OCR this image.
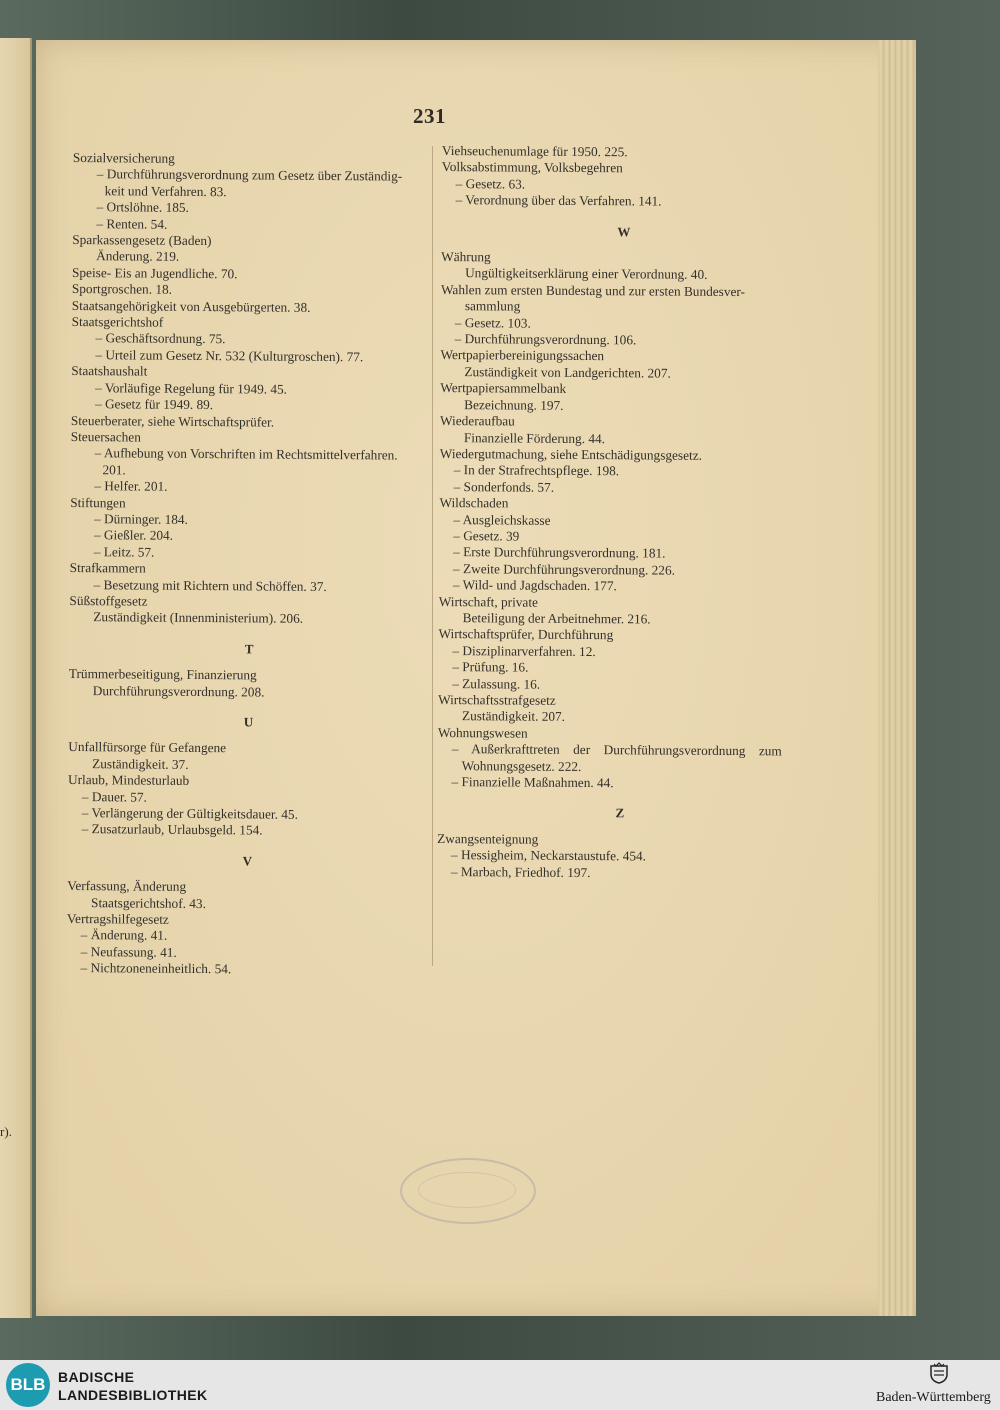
r).
231
Sozialversicherung
– Durchführungsverordnung zum Gesetz über Zuständig-
keit und Verfahren. 83.
– Ortslöhne. 185.
– Renten. 54.
Sparkassengesetz (Baden)
Änderung. 219.
Speise- Eis an Jugendliche. 70.
Sportgroschen. 18.
Staatsangehörigkeit von Ausgebürgerten. 38.
Staatsgerichtshof
– Geschäftsordnung. 75.
– Urteil zum Gesetz Nr. 532 (Kulturgroschen). 77.
Staatshaushalt
– Vorläufige Regelung für 1949. 45.
– Gesetz für 1949. 89.
Steuerberater, siehe Wirtschaftsprüfer.
Steuersachen
– Aufhebung von Vorschriften im Rechtsmittelverfahren.
201.
– Helfer. 201.
Stiftungen
– Dürninger. 184.
– Gießler. 204.
– Leitz. 57.
Strafkammern
– Besetzung mit Richtern und Schöffen. 37.
Süßstoffgesetz
Zuständigkeit (Innenministerium). 206.
T
Trümmerbeseitigung, Finanzierung
Durchführungsverordnung. 208.
U
Unfallfürsorge für Gefangene
Zuständigkeit. 37.
Urlaub, Mindesturlaub
– Dauer. 57.
– Verlängerung der Gültigkeitsdauer. 45.
– Zusatzurlaub, Urlaubsgeld. 154.
V
Verfassung, Änderung
Staatsgerichtshof. 43.
Vertragshilfegesetz
– Änderung. 41.
– Neufassung. 41.
– Nichtzoneneinheitlich. 54.
Viehseuchenumlage für 1950. 225.
Volksabstimmung, Volksbegehren
– Gesetz. 63.
– Verordnung über das Verfahren. 141.
W
Währung
Ungültigkeitserklärung einer Verordnung. 40.
Wahlen zum ersten Bundestag und zur ersten Bundesver-
sammlung
– Gesetz. 103.
– Durchführungsverordnung. 106.
Wertpapierbereinigungssachen
Zuständigkeit von Landgerichten. 207.
Wertpapiersammelbank
Bezeichnung. 197.
Wiederaufbau
Finanzielle Förderung. 44.
Wiedergutmachung, siehe Entschädigungsgesetz.
– In der Strafrechtspflege. 198.
– Sonderfonds. 57.
Wildschaden
– Ausgleichskasse
– Gesetz. 39
– Erste Durchführungsverordnung. 181.
– Zweite Durchführungsverordnung. 226.
– Wild- und Jagdschaden. 177.
Wirtschaft, private
Beteiligung der Arbeitnehmer. 216.
Wirtschaftsprüfer, Durchführung
– Disziplinarverfahren. 12.
– Prüfung. 16.
– Zulassung. 16.
Wirtschaftsstrafgesetz
Zuständigkeit. 207.
Wohnungswesen
– Außerkrafttreten der Durchführungsverordnung zum
Wohnungsgesetz. 222.
– Finanzielle Maßnahmen. 44.
Z
Zwangsenteignung
– Hessigheim, Neckarstaustufe. 454.
– Marbach, Friedhof. 197.
BLB BADISCHE
LANDESBIBLIOTHEK	Baden-Württemberg
